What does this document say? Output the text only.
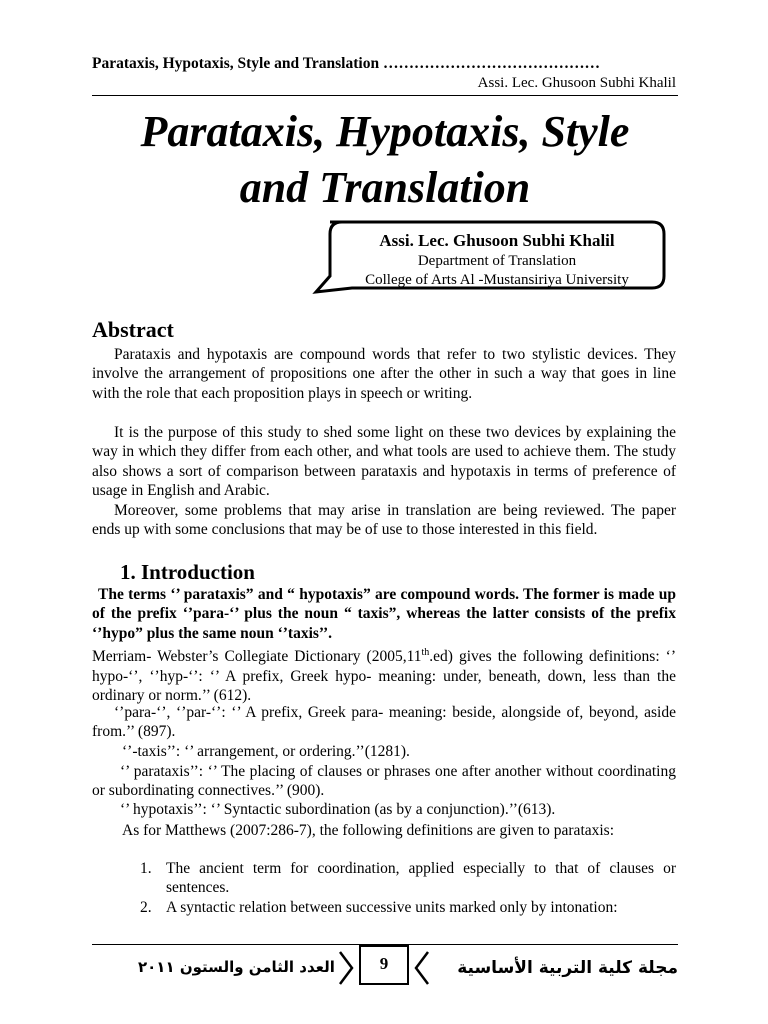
Parataxis, Hypotaxis, Style and Translation ……………………………………
Assi. Lec. Ghusoon Subhi Khalil
Parataxis, Hypotaxis, Style
and Translation
Assi. Lec. Ghusoon Subhi Khalil
Department of Translation
College of Arts Al -Mustansiriya University
Abstract

Parataxis and hypotaxis are compound words that refer to two stylistic devices. They involve the arrangement of propositions one after the other in such a way that goes in line with the role that each proposition plays in speech or writing.

It is the purpose of this study to shed some light on these two devices by explaining the way in which they differ from each other, and what tools are used to achieve them. The study also shows a sort of comparison between parataxis and hypotaxis in terms of preference of usage in English and Arabic.

Moreover, some problems that may arise in translation are being reviewed. The paper ends up with some conclusions that may be of use to those interested in this field.

1. Introduction

The terms ‘’ parataxis” and “ hypotaxis” are compound words. The former is made up of the prefix ‘’para-‘’ plus the noun “ taxis”, whereas the latter consists of the prefix ‘’hypo” plus the same noun ‘’taxis’’.

Merriam- Webster’s Collegiate Dictionary (2005,11th.ed) gives the following definitions: ‘’ hypo-‘’, ‘’hyp-‘’: ‘’ A prefix, Greek hypo- meaning: under, beneath, down, less than the ordinary or norm.’’ (612).

‘’para-‘’, ‘’par-‘’: ‘’ A prefix, Greek para- meaning: beside, alongside of, beyond, aside from.’’ (897).

‘’-taxis’’: ‘’ arrangement, or ordering.’’(1281).

‘’ parataxis’’: ‘’ The placing of clauses or phrases one after another without coordinating or subordinating connectives.’’ (900).

‘’ hypotaxis’’: ‘’ Syntactic subordination (as by a conjunction).’’(613).

As for Matthews (2007:286-7), the following definitions are given to parataxis:

1. The ancient term for coordination, applied especially to that of clauses or sentences.
2. A syntactic relation between successive units marked only by intonation:
العدد الثامن والستون ٢٠١١	9	مجلة كلية التربية الأساسية
